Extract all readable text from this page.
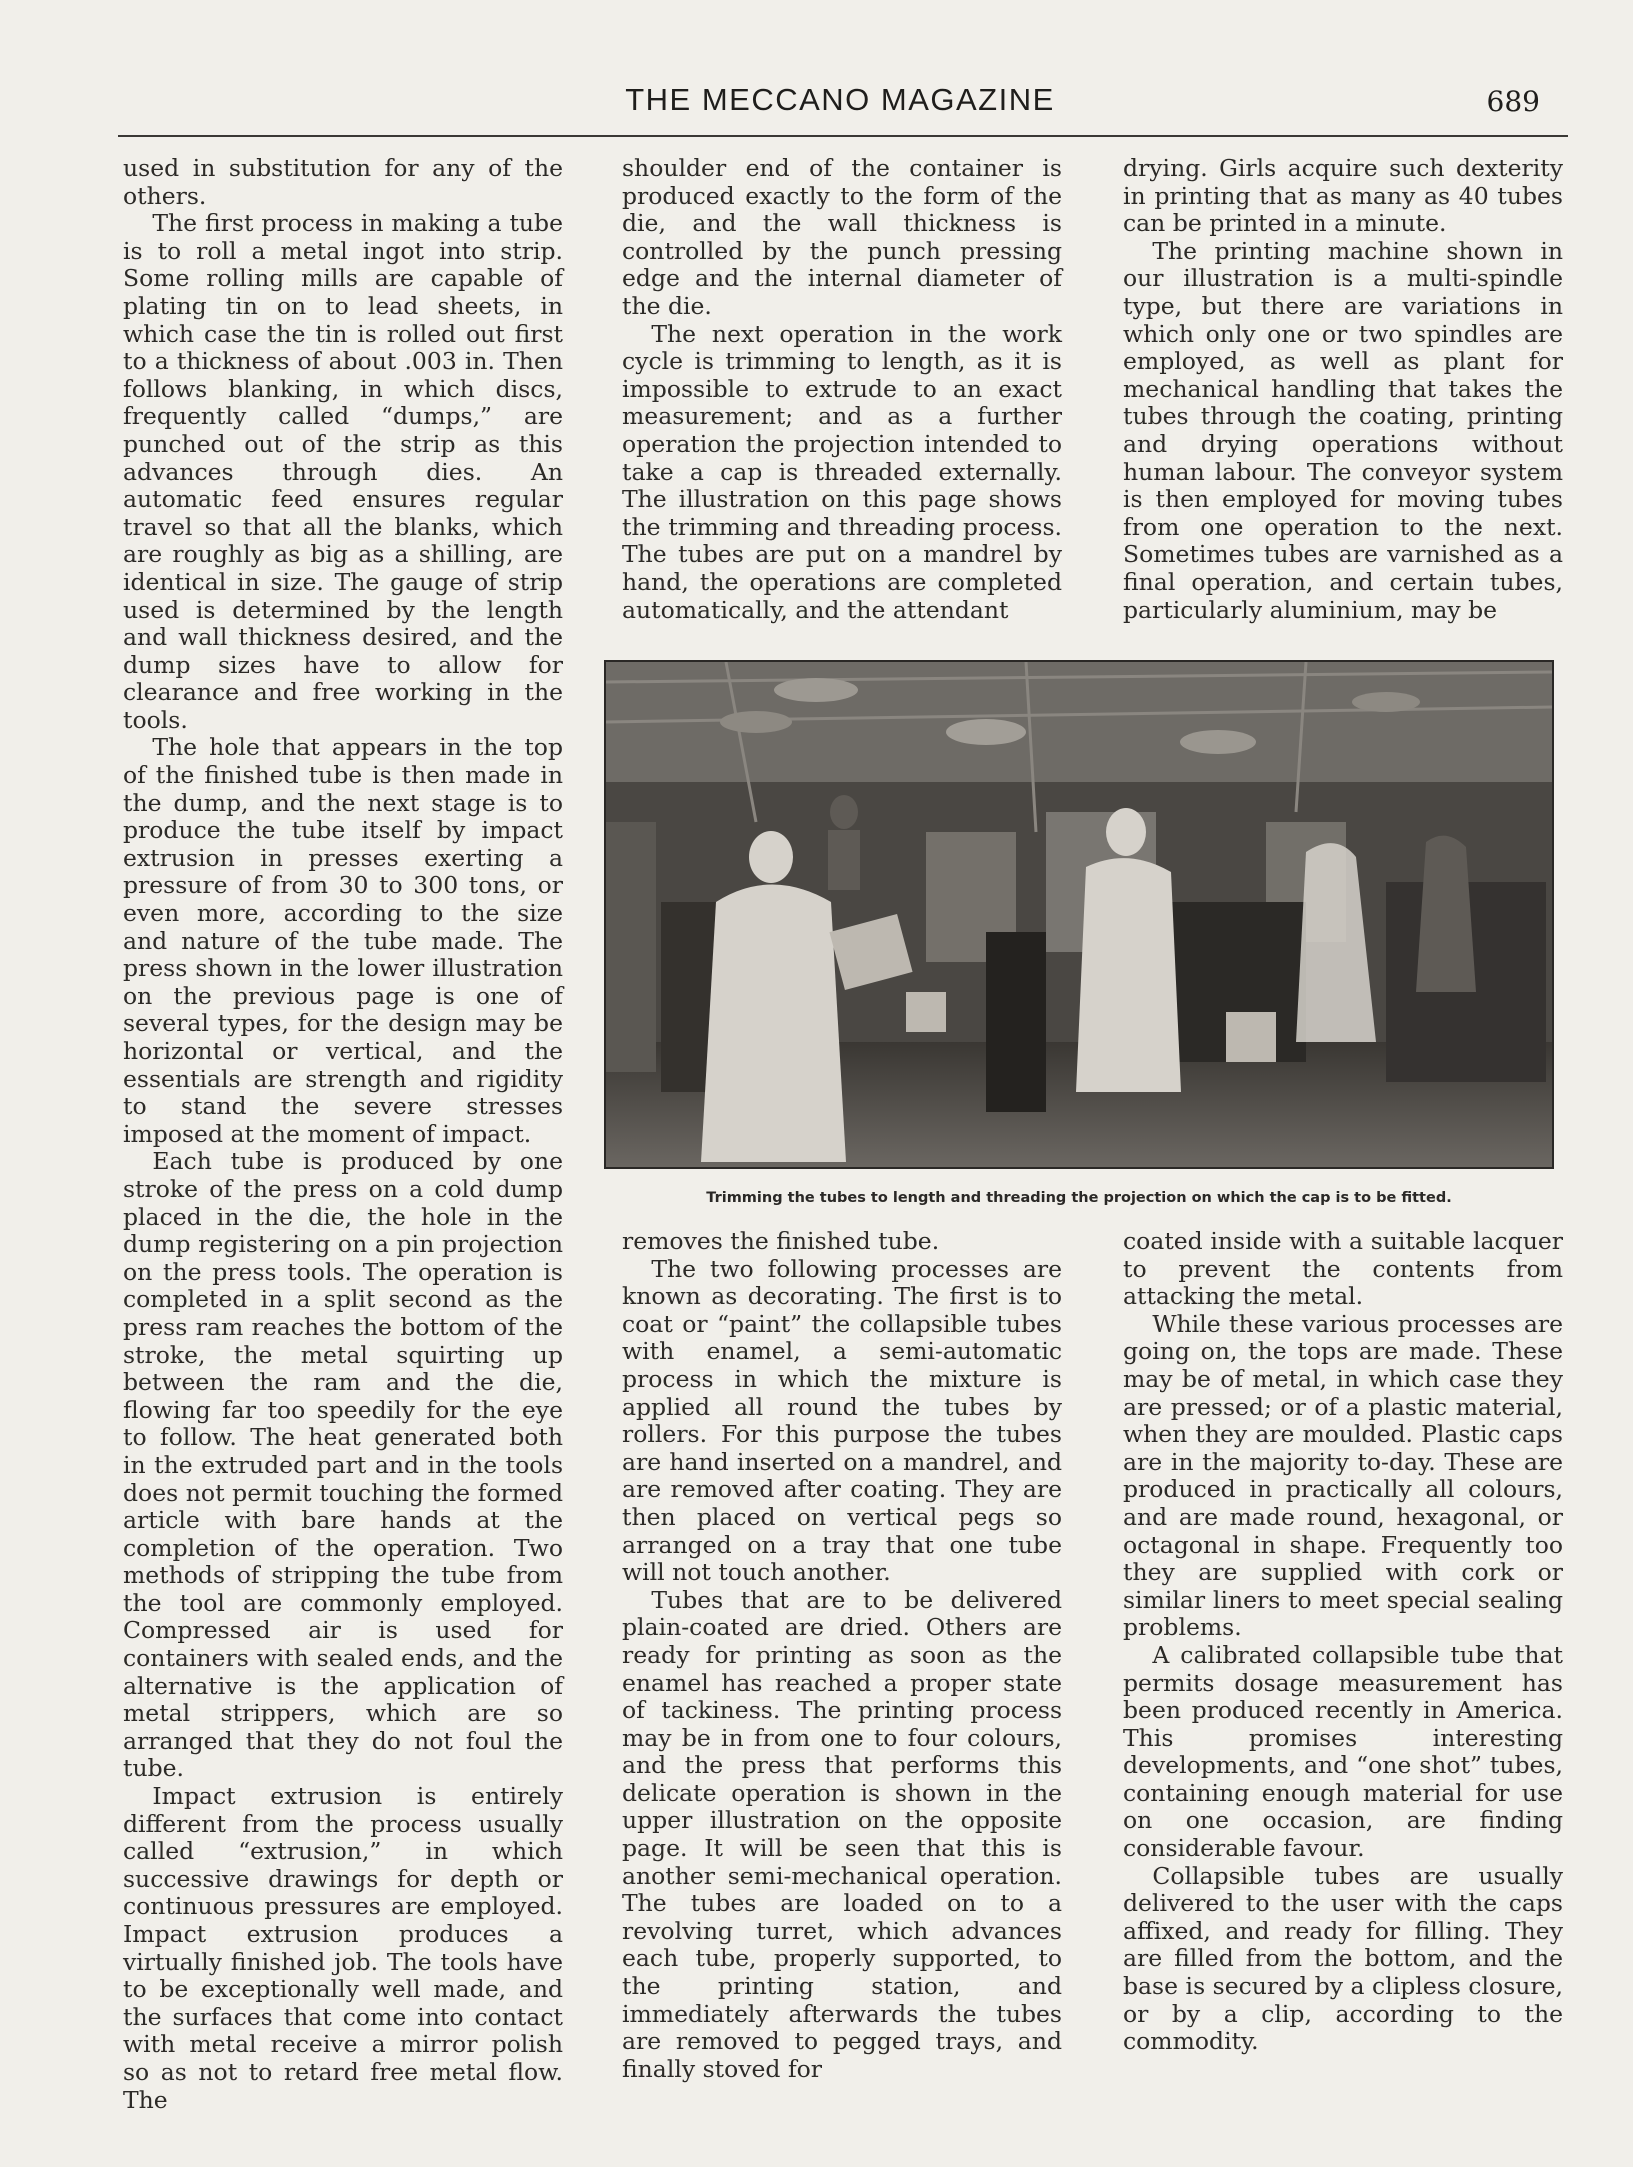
THE MECCANO MAGAZINE	689

used in substitution for any of the others.

The first process in making a tube is to roll a metal ingot into strip. Some rolling mills are capable of plating tin on to lead sheets, in which case the tin is rolled out first to a thickness of about .003 in. Then follows blanking, in which discs, frequently called “dumps,” are punched out of the strip as this advances through dies. An automatic feed ensures regular travel so that all the blanks, which are roughly as big as a shilling, are identical in size. The gauge of strip used is determined by the length and wall thickness desired, and the dump sizes have to allow for clearance and free working in the tools.

The hole that appears in the top of the finished tube is then made in the dump, and the next stage is to produce the tube itself by impact extrusion in presses exerting a pressure of from 30 to 300 tons, or even more, according to the size and nature of the tube made. The press shown in the lower illustration on the previous page is one of several types, for the design may be horizontal or vertical, and the essentials are strength and rigidity to stand the severe stresses imposed at the moment of impact.

Each tube is produced by one stroke of the press on a cold dump placed in the die, the hole in the dump registering on a pin projection on the press tools. The operation is completed in a split second as the press ram reaches the bottom of the stroke, the metal squirting up between the ram and the die, flowing far too speedily for the eye to follow. The heat generated both in the extruded part and in the tools does not permit touching the formed article with bare hands at the completion of the operation. Two methods of stripping the tube from the tool are commonly employed. Compressed air is used for containers with sealed ends, and the alternative is the application of metal strippers, which are so arranged that they do not foul the tube.

Impact extrusion is entirely different from the process usually called “extrusion,” in which successive drawings for depth or continuous pressures are employed. Impact extrusion produces a virtually finished job. The tools have to be exceptionally well made, and the surfaces that come into contact with metal receive a mirror polish so as not to retard free metal flow. The

shoulder end of the container is produced exactly to the form of the die, and the wall thickness is controlled by the punch pressing edge and the internal diameter of the die.

The next operation in the work cycle is trimming to length, as it is impossible to extrude to an exact measurement; and as a further operation the projection intended to take a cap is threaded externally. The illustration on this page shows the trimming and threading process. The tubes are put on a mandrel by hand, the operations are completed automatically, and the attendant

drying. Girls acquire such dexterity in printing that as many as 40 tubes can be printed in a minute.

The printing machine shown in our illustration is a multi-spindle type, but there are variations in which only one or two spindles are employed, as well as plant for mechanical handling that takes the tubes through the coating, printing and drying operations without human labour. The conveyor system is then employed for moving tubes from one operation to the next. Sometimes tubes are varnished as a final operation, and certain tubes, particularly aluminium, may be

Trimming the tubes to length and threading the projection on which the cap is to be fitted.

removes the finished tube.

The two following processes are known as decorating. The first is to coat or “paint” the collapsible tubes with enamel, a semi-automatic process in which the mixture is applied all round the tubes by rollers. For this purpose the tubes are hand inserted on a mandrel, and are removed after coating. They are then placed on vertical pegs so arranged on a tray that one tube will not touch another.

Tubes that are to be delivered plain-coated are dried. Others are ready for printing as soon as the enamel has reached a proper state of tackiness. The printing process may be in from one to four colours, and the press that performs this delicate operation is shown in the upper illustration on the opposite page. It will be seen that this is another semi-mechanical operation. The tubes are loaded on to a revolving turret, which advances each tube, properly supported, to the printing station, and immediately afterwards the tubes are removed to pegged trays, and finally stoved for

coated inside with a suitable lacquer to prevent the contents from attacking the metal.

While these various processes are going on, the tops are made. These may be of metal, in which case they are pressed; or of a plastic material, when they are moulded. Plastic caps are in the majority to-day. These are produced in practically all colours, and are made round, hexagonal, or octagonal in shape. Frequently too they are supplied with cork or similar liners to meet special sealing problems.

A calibrated collapsible tube that permits dosage measurement has been produced recently in America. This promises interesting developments, and “one shot” tubes, containing enough material for use on one occasion, are finding considerable favour.

Collapsible tubes are usually delivered to the user with the caps affixed, and ready for filling. They are filled from the bottom, and the base is secured by a clipless closure, or by a clip, according to the commodity.
